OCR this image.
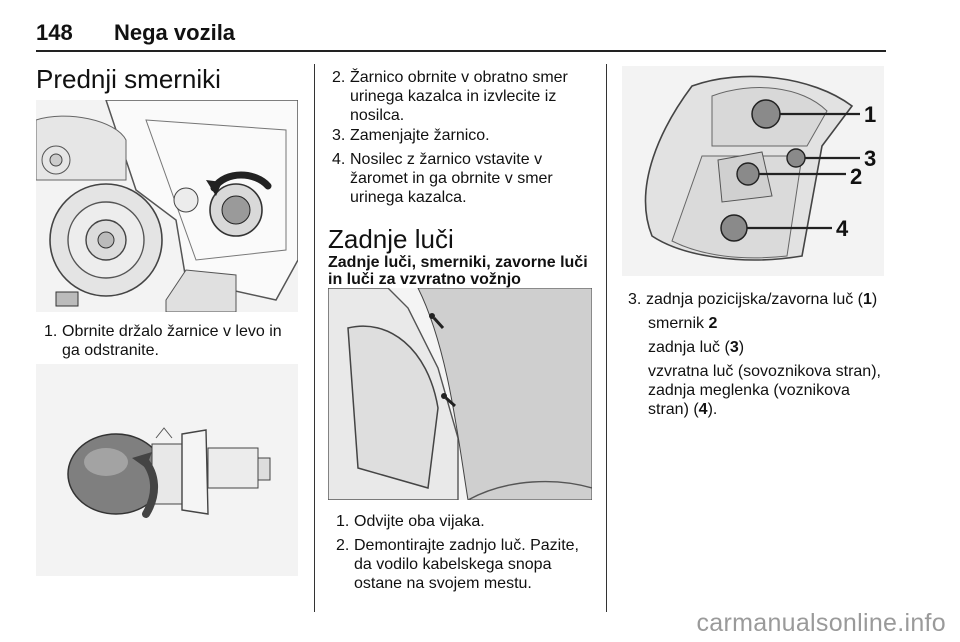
148 Nega vozila
Prednji smerniki
1. Obrnite držalo žarnice v levo in ga odstranite.
2. Žarnico obrnite v obratno smer urinega kazalca in izvlecite iz nosilca.
3. Zamenjajte žarnico.
4. Nosilec z žarnico vstavite v žaromet in ga obrnite v smer urinega kazalca.
Zadnje luči
Zadnje luči, smerniki, zavorne luči in luči za vzvratno vožnjo
1. Odvijte oba vijaka.
2. Demontirajte zadnjo luč. Pazite, da vodilo kabelskega snopa ostane na svojem mestu.
1
3
2
4
3. zadnja pozicijska/zavorna luč (1)
smernik 2
zadnja luč (3)
vzvratna luč (sovoznikova stran), zadnja meglenka (voznikova stran) (4).
carmanualsonline.info
